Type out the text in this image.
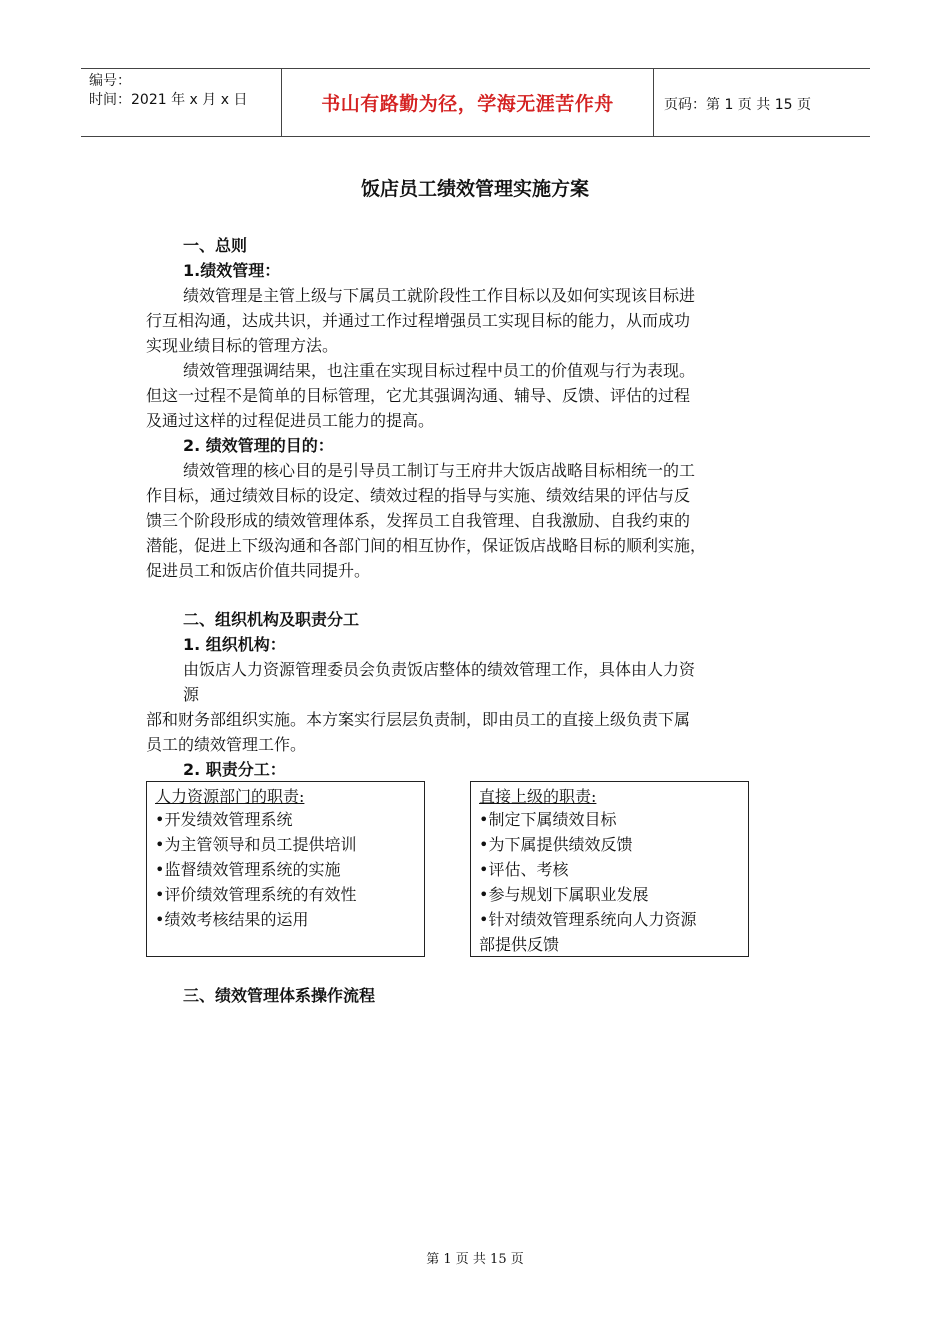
编号：
时间：2021 年 x 月 x 日	书山有路勤为径，学海无涯苦作舟	页码：第 1 页 共 15 页
饭店员工绩效管理实施方案
一、总则
1.绩效管理：
绩效管理是主管上级与下属员工就阶段性工作目标以及如何实现该目标进
行互相沟通，达成共识，并通过工作过程增强员工实现目标的能力，从而成功
实现业绩目标的管理方法。
绩效管理强调结果，也注重在实现目标过程中员工的价值观与行为表现。
但这一过程不是简单的目标管理，它尤其强调沟通、辅导、反馈、评估的过程
及通过这样的过程促进员工能力的提高。
2. 绩效管理的目的：
绩效管理的核心目的是引导员工制订与王府井大饭店战略目标相统一的工
作目标，通过绩效目标的设定、绩效过程的指导与实施、绩效结果的评估与反
馈三个阶段形成的绩效管理体系，发挥员工自我管理、自我激励、自我约束的
潜能，促进上下级沟通和各部门间的相互协作，保证饭店战略目标的顺利实施，
促进员工和饭店价值共同提升。
二、组织机构及职责分工
1. 组织机构：
由饭店人力资源管理委员会负责饭店整体的绩效管理工作，具体由人力资
源
部和财务部组织实施。本方案实行层层负责制，即由员工的直接上级负责下属
员工的绩效管理工作。
2. 职责分工：
人力资源部门的职责:
•开发绩效管理系统
•为主管领导和员工提供培训
•监督绩效管理系统的实施
•评价绩效管理系统的有效性
•绩效考核结果的运用
直接上级的职责:
•制定下属绩效目标
•为下属提供绩效反馈
•评估、考核
•参与规划下属职业发展
•针对绩效管理系统向人力资源
部提供反馈
三、绩效管理体系操作流程
第 1 页 共 15 页
